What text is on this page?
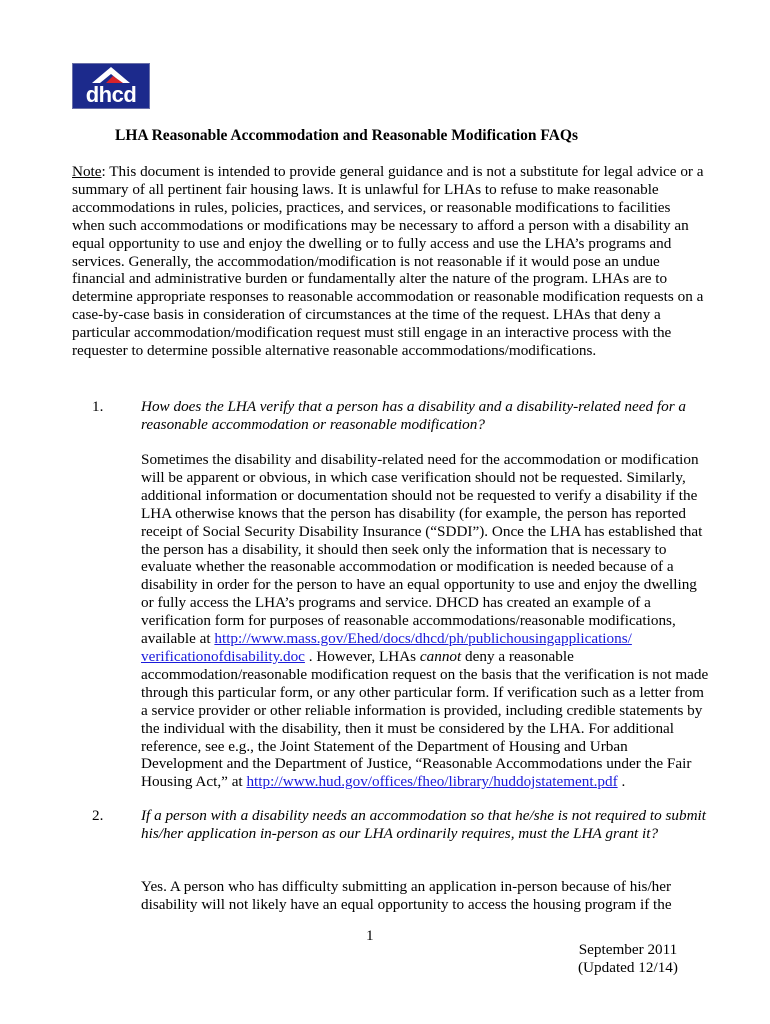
dhcd
LHA Reasonable Accommodation and Reasonable Modification FAQs
Note: This document is intended to provide general guidance and is not a substitute for legal advice or a summary of all pertinent fair housing laws. It is unlawful for LHAs to refuse to make reasonable accommodations in rules, policies, practices, and services, or reasonable modifications to facilities when such accommodations or modifications may be necessary to afford a person with a disability an equal opportunity to use and enjoy the dwelling or to fully access and use the LHA’s programs and services. Generally, the accommodation/modification is not reasonable if it would pose an undue financial and administrative burden or fundamentally alter the nature of the program. LHAs are to determine appropriate responses to reasonable accommodation or reasonable modification requests on a case-by-case basis in consideration of circumstances at the time of the request. LHAs that deny a particular accommodation/modification request must still engage in an interactive process with the requester to determine possible alternative reasonable accommodations/modifications.
1. How does the LHA verify that a person has a disability and a disability-related need for a reasonable accommodation or reasonable modification?
Sometimes the disability and disability-related need for the accommodation or modification will be apparent or obvious, in which case verification should not be requested. Similarly, additional information or documentation should not be requested to verify a disability if the LHA otherwise knows that the person has disability (for example, the person has reported receipt of Social Security Disability Insurance (“SDDI”). Once the LHA has established that the person has a disability, it should then seek only the information that is necessary to evaluate whether the reasonable accommodation or modification is needed because of a disability in order for the person to have an equal opportunity to use and enjoy the dwelling or fully access the LHA’s programs and service. DHCD has created an example of a verification form for purposes of reasonable accommodations/reasonable modifications, available at http://www.mass.gov/Ehed/docs/dhcd/ph/publichousingapplications/ verificationofdisability.doc . However, LHAs cannot deny a reasonable accommodation/reasonable modification request on the basis that the verification is not made through this particular form, or any other particular form. If verification such as a letter from a service provider or other reliable information is provided, including credible statements by the individual with the disability, then it must be considered by the LHA. For additional reference, see e.g., the Joint Statement of the Department of Housing and Urban Development and the Department of Justice, “Reasonable Accommodations under the Fair Housing Act,” at http://www.hud.gov/offices/fheo/library/huddojstatement.pdf .
2. If a person with a disability needs an accommodation so that he/she is not required to submit his/her application in-person as our LHA ordinarily requires, must the LHA grant it?
Yes. A person who has difficulty submitting an application in-person because of his/her disability will not likely have an equal opportunity to access the housing program if the
1
September 2011
(Updated 12/14)
